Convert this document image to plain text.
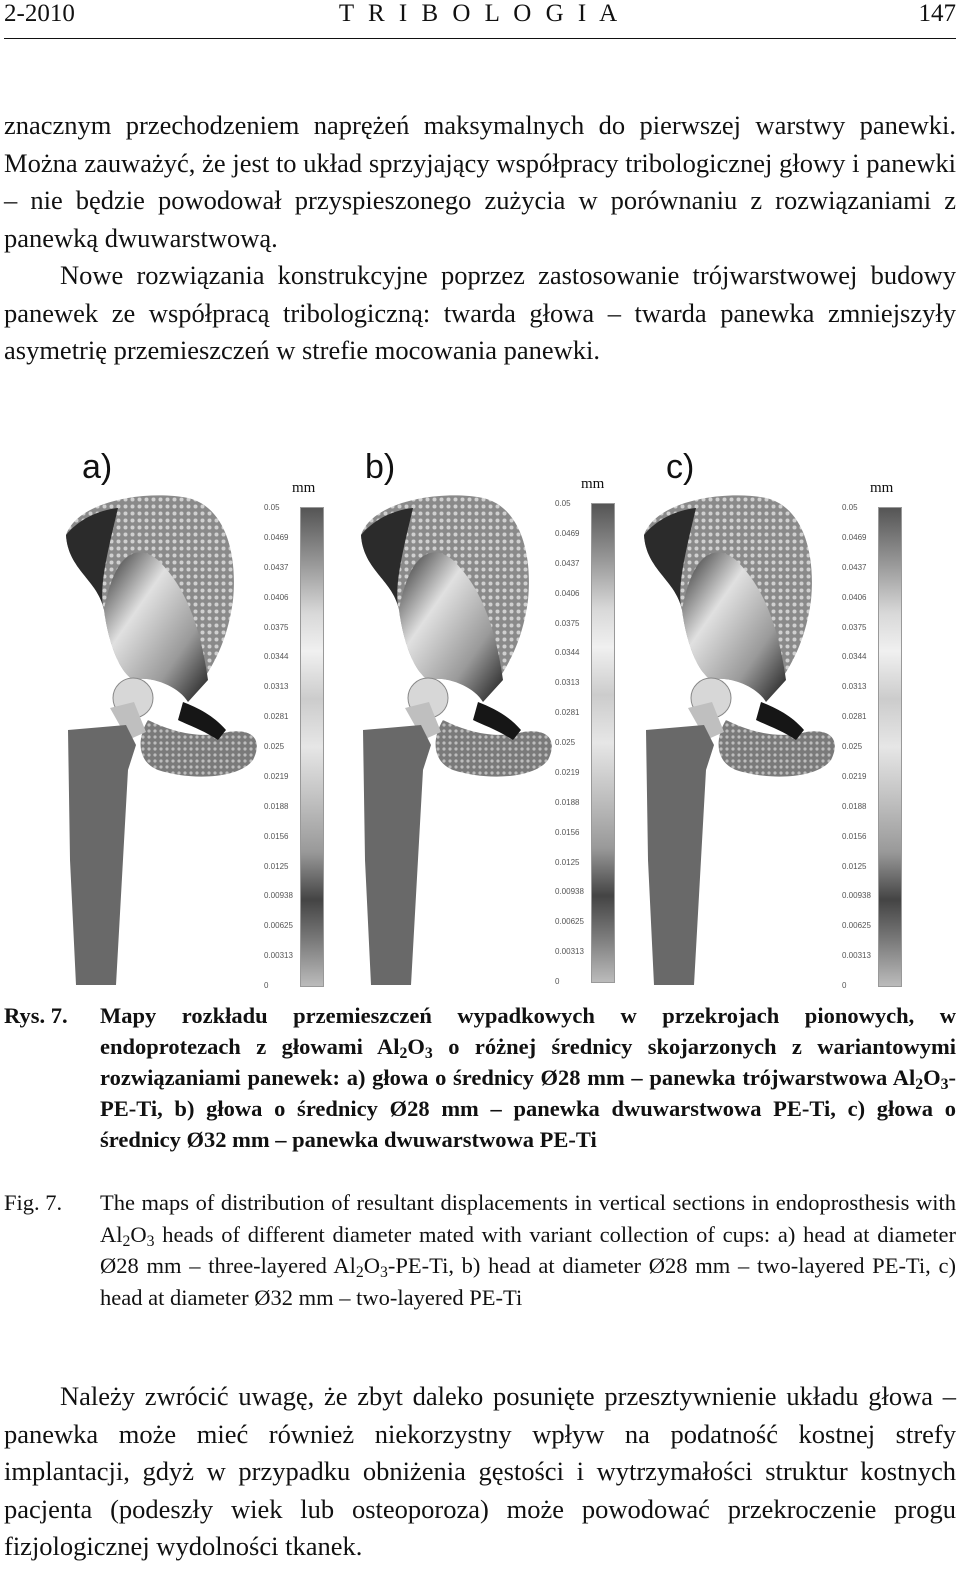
T R I B O L O G I A
2-2010	147
znacznym przechodzeniem naprężeń maksymalnych do pierwszej warstwy panewki. Można zauważyć, że jest to układ sprzyjający współpracy tribologicznej głowy i panewki – nie będzie powodował przyspieszonego zużycia w porównaniu z rozwiązaniami z panewką dwuwarstwową.
Nowe rozwiązania konstrukcyjne poprzez zastosowanie trójwarstwowej budowy panewek ze współpracą tribologiczną: twarda głowa – twarda panewka zmniejszyły asymetrię przemieszczeń w strefie mocowania panewki.
a)
mm
0.05
0.0469
0.0437
0.0406
0.0375
0.0344
0.0313
0.0281
0.025
0.0219
0.0188
0.0156
0.0125
0.00938
0.00625
0.00313
0
b)	mm
0.05
0.0469
0.0437
0.0406
0.0375
0.0344
0.0313
0.0281
0.025
0.0219
0.0188
0.0156
0.0125
0.00938
0.00625
0.00313
0
c)
mm
0.05
0.0469
0.0437
0.0406
0.0375
0.0344
0.0313
0.0281
0.025
0.0219
0.0188
0.0156
0.0125
0.00938
0.00625
0.00313
0
Rys. 7. Mapy rozkładu przemieszczeń wypadkowych w przekrojach pionowych, w endoprotezach z głowami $Al_2O_3$ o różnej średnicy skojarzonych z wariantowymi rozwiązaniami panewek: a) głowa o średnicy Ø28 mm – panewka trójwarstwowa $Al_2O_3-PE-Ti$, b) głowa o średnicy Ø28 mm – panewka dwuwarstwowa PE-Ti, c) głowa o średnicy Ø32 mm – panewka dwuwarstwowa PE-Ti
Fig. 7. The maps of distribution of resultant displacements in vertical sections in endoprosthesis with $Al_2O_3$ heads of different diameter mated with variant collection of cups: a) head at diameter Ø28 mm – three-layered $Al_2O_3-PE-Ti$, b) head at diameter Ø28 mm – two-layered PE-Ti, c) head at diameter Ø32 mm – two-layered PE-Ti
Należy zwrócić uwagę, że zbyt daleko posunięte przesztywnienie układu głowa – panewka może mieć również niekorzystny wpływ na podatność kostnej strefy implantacji, gdyż w przypadku obniżenia gęstości i wytrzymałości struktur kostnych pacjenta (podeszły wiek lub osteoporoza) może powodować przekroczenie progu fizjologicznej wydolności tkanek.
